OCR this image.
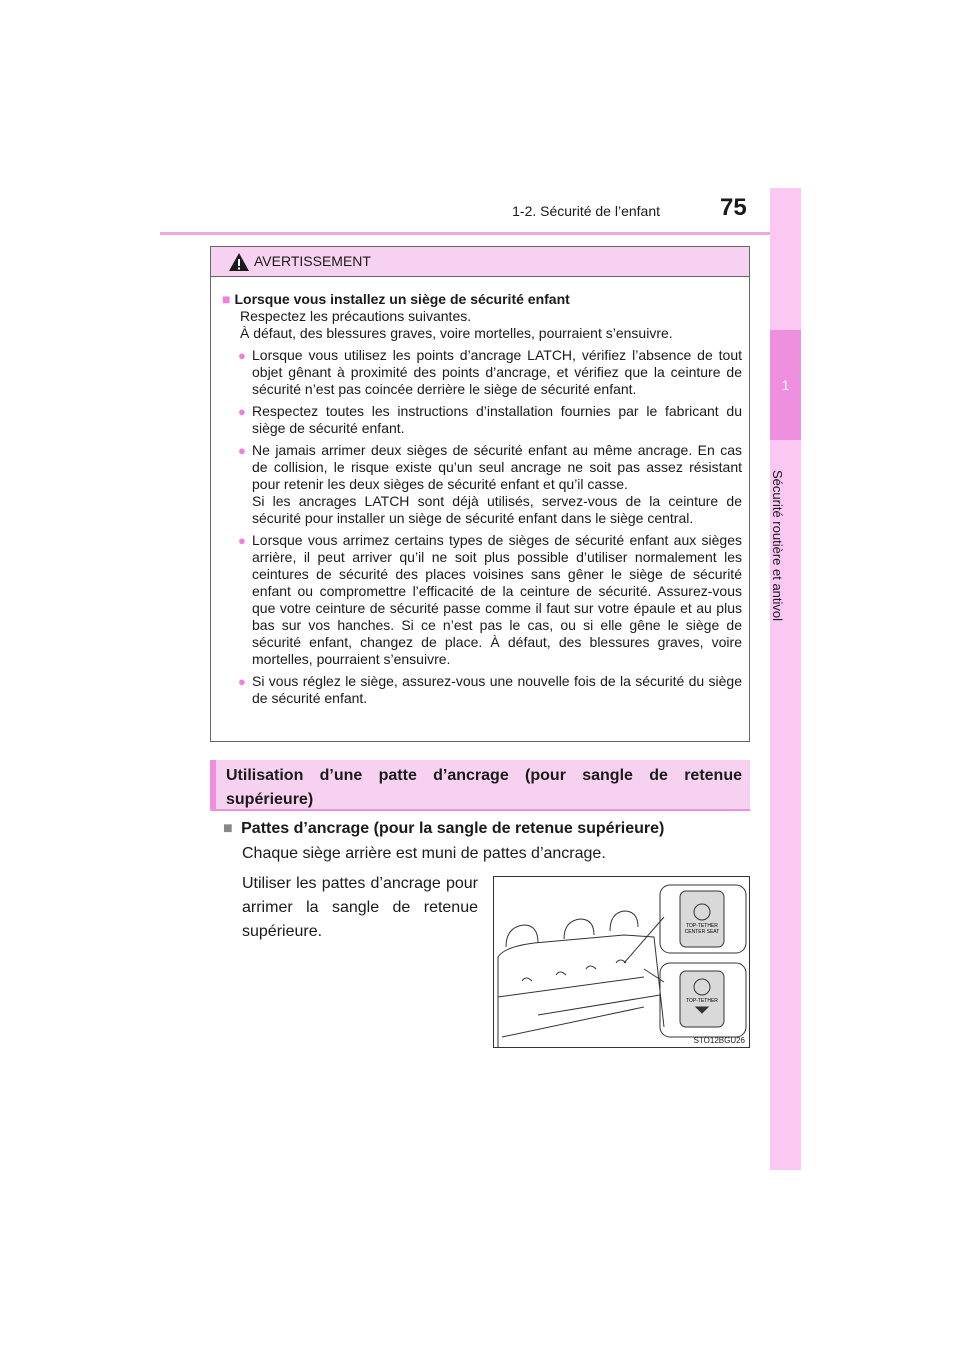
1-2. Sécurité de l’enfant	75
1
Sécurité routière et antivol
AVERTISSEMENT
■ Lorsque vous installez un siège de sécurité enfant
Respectez les précautions suivantes.
À défaut, des blessures graves, voire mortelles, pourraient s’ensuivre.
● Lorsque vous utilisez les points d’ancrage LATCH, vérifiez l’absence de tout objet gênant à proximité des points d’ancrage, et vérifiez que la ceinture de sécurité n’est pas coincée derrière le siège de sécurité enfant.
● Respectez toutes les instructions d’installation fournies par le fabricant du siège de sécurité enfant.
● Ne jamais arrimer deux sièges de sécurité enfant au même ancrage. En cas de collision, le risque existe qu’un seul ancrage ne soit pas assez résistant pour retenir les deux sièges de sécurité enfant et qu’il casse.
Si les ancrages LATCH sont déjà utilisés, servez-vous de la ceinture de sécurité pour installer un siège de sécurité enfant dans le siège central.
● Lorsque vous arrimez certains types de sièges de sécurité enfant aux sièges arrière, il peut arriver qu’il ne soit plus possible d’utiliser normalement les ceintures de sécurité des places voisines sans gêner le siège de sécurité enfant ou compromettre l’efficacité de la ceinture de sécurité. Assurez-vous que votre ceinture de sécurité passe comme il faut sur votre épaule et au plus bas sur vos hanches. Si ce n’est pas le cas, ou si elle gêne le siège de sécurité enfant, changez de place. À défaut, des blessures graves, voire mortelles, pourraient s’ensuivre.
● Si vous réglez le siège, assurez-vous une nouvelle fois de la sécurité du siège de sécurité enfant.
Utilisation d’une patte d’ancrage (pour sangle de retenue supérieure)
■ Pattes d’ancrage (pour la sangle de retenue supérieure)
Chaque siège arrière est muni de pattes d’ancrage.
Utiliser les pattes d’ancrage pour arrimer la sangle de retenue supérieure.	TOP-TETHER
CENTER SEAT
TOP-TETHER
STO12BGU26
